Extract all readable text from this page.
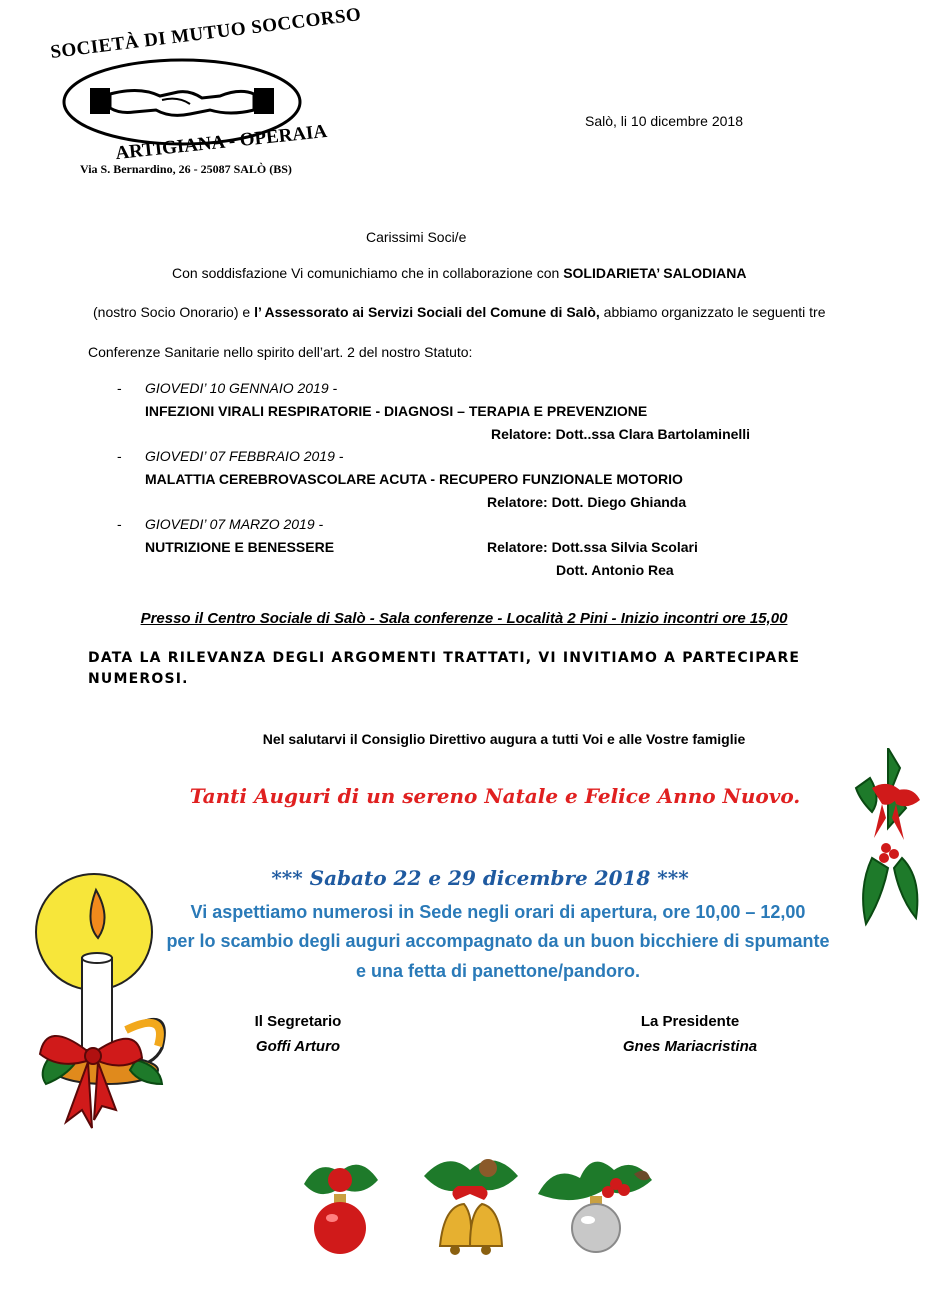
SOCIETÀ DI MUTUO SOCCORSO
ARTIGIANA - OPERAIA
Via S. Bernardino, 26 - 25087 SALÒ (BS)
Salò, li 10 dicembre 2018
Carissimi Soci/e
Con soddisfazione Vi comunichiamo che in collaborazione con SOLIDARIETA’ SALODIANA
(nostro Socio Onorario) e l’ Assessorato ai Servizi Sociali del Comune di Salò, abbiamo organizzato le seguenti tre
Conferenze Sanitarie nello spirito dell’art. 2 del nostro Statuto:
- GIOVEDI’ 10 GENNAIO 2019 -
INFEZIONI VIRALI RESPIRATORIE - DIAGNOSI – TERAPIA E PREVENZIONE
Relatore: Dott..ssa Clara Bartolaminelli
- GIOVEDI’ 07 FEBBRAIO 2019 -
MALATTIA CEREBROVASCOLARE ACUTA - RECUPERO FUNZIONALE MOTORIO
Relatore: Dott. Diego Ghianda
- GIOVEDI’ 07 MARZO 2019 -
NUTRIZIONE E BENESSERE	Relatore: Dott.ssa Silvia Scolari
Dott. Antonio Rea
Presso il Centro Sociale di Salò - Sala conferenze - Località 2 Pini - Inizio incontri ore 15,00
DATA LA RILEVANZA DEGLI ARGOMENTI TRATTATI, VI INVITIAMO A PARTECIPARE NUMEROSI.
Nel salutarvi il Consiglio Direttivo augura a tutti Voi e alle Vostre famiglie
Tanti Auguri di un sereno Natale e Felice Anno Nuovo.
*** Sabato 22 e 29 dicembre 2018 ***
Vi aspettiamo numerosi in Sede negli orari di apertura, ore 10,00 – 12,00
per lo scambio degli auguri accompagnato da un buon bicchiere di spumante
e una fetta di panettone/pandoro.
Il Segretario
Goffi Arturo
La Presidente
Gnes Mariacristina
